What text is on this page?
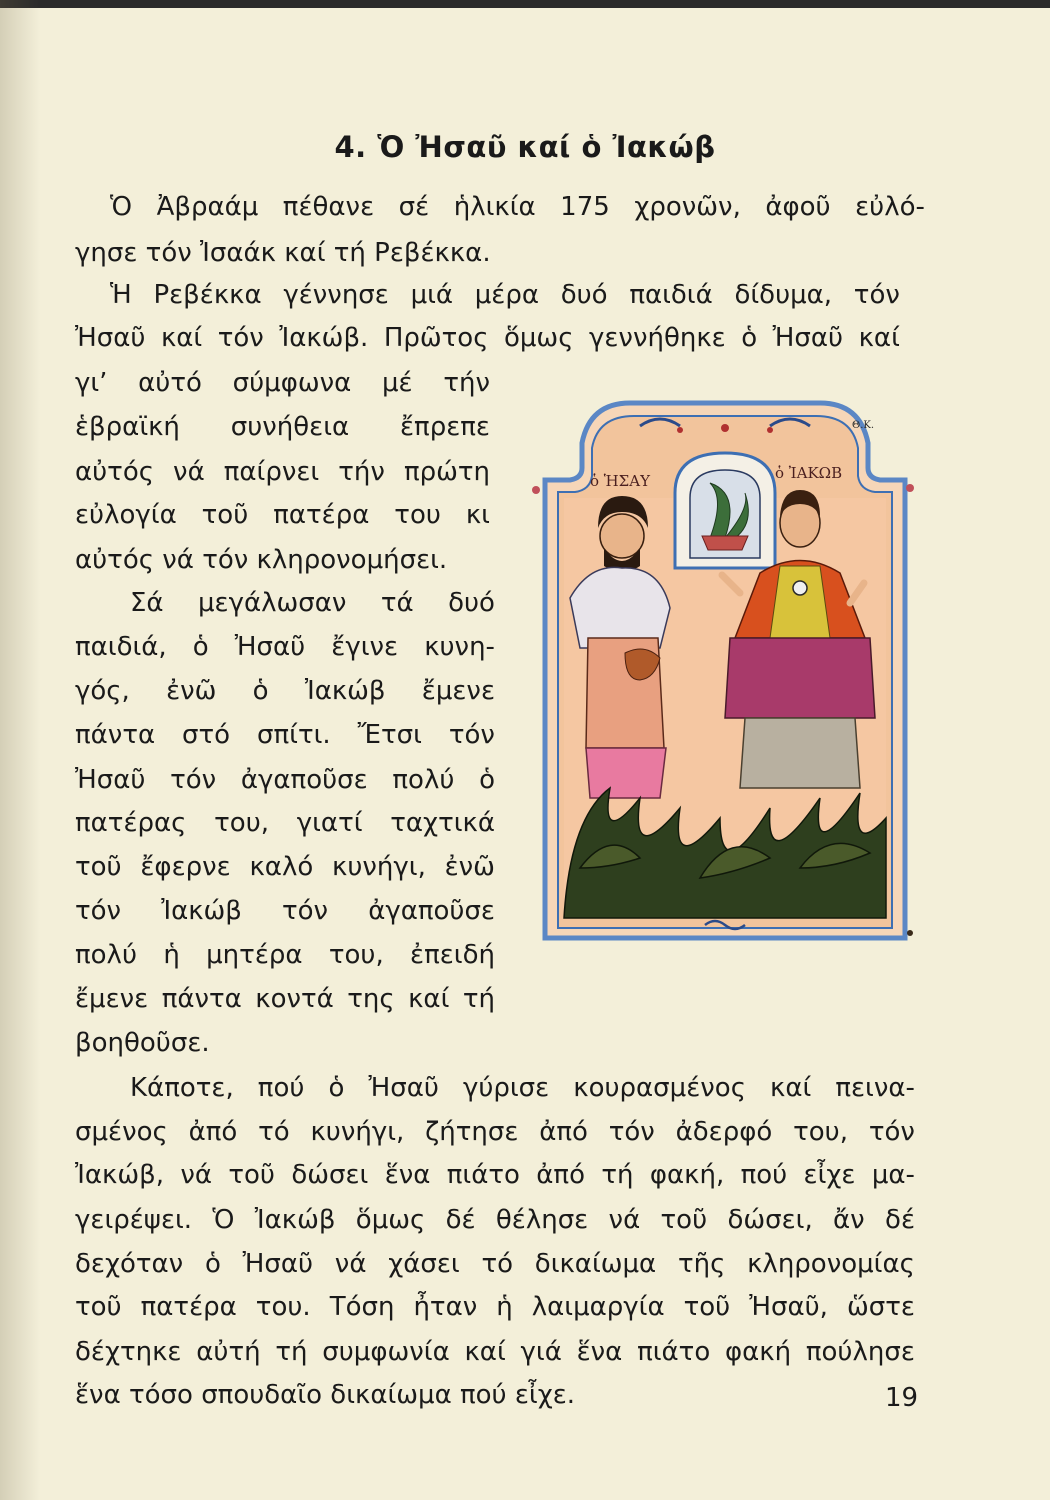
4. Ὁ Ἠσαῦ καί ὁ Ἰακώβ
Ὁ Ἀβραάμ πέθανε σέ ἡλικία 175 χρονῶν, ἀφοῦ εὐλό-
γησε τόν Ἰσαάκ καί τή Ρεβέκκα.
Ἡ Ρεβέκκα γέννησε μιά μέρα δυό παιδιά δίδυμα, τόν
Ἠσαῦ καί τόν Ἰακώβ. Πρῶτος ὅμως γεννήθηκε ὁ Ἠσαῦ καί
γι’ αὐτό σύμφωνα μέ τήν
ἑβραϊκή συνήθεια ἔπρεπε
αὐτός νά παίρνει τήν πρώτη
εὐλογία τοῦ πατέρα του κι
αὐτός νά τόν κληρονομήσει.
Σά μεγάλωσαν τά δυό
παιδιά, ὁ Ἠσαῦ ἔγινε κυνη-
γός, ἐνῶ ὁ Ἰακώβ ἔμενε
πάντα στό σπίτι. Ἔτσι τόν
Ἠσαῦ τόν ἀγαποῦσε πολύ ὁ
πατέρας του, γιατί ταχτικά
τοῦ ἔφερνε καλό κυνήγι, ἐνῶ
τόν Ἰακώβ τόν ἀγαποῦσε
πολύ ἡ μητέρα του, ἐπειδή
ἔμενε πάντα κοντά της καί τή
βοηθοῦσε.
Κάποτε, πού ὁ Ἠσαῦ γύρισε κουρασμένος καί πεινα-
σμένος ἀπό τό κυνήγι, ζήτησε ἀπό τόν ἀδερφό του, τόν
Ἰακώβ, νά τοῦ δώσει ἕνα πιάτο ἀπό τή φακή, πού εἶχε μα-
γειρέψει. Ὁ Ἰακώβ ὅμως δέ θέλησε νά τοῦ δώσει, ἄν δέ
δεχόταν ὁ Ἠσαῦ νά χάσει τό δικαίωμα τῆς κληρονομίας
τοῦ πατέρα του. Τόση ἦταν ἡ λαιμαργία τοῦ Ἠσαῦ, ὥστε
δέχτηκε αὐτή τή συμφωνία καί γιά ἕνα πιάτο φακή πούλησε
ἕνα τόσο σπουδαῖο δικαίωμα πού εἶχε.
Θ.Κ.
ὁ ἩΣΑΥ	ὁ ἸΑΚΩΒ
19
